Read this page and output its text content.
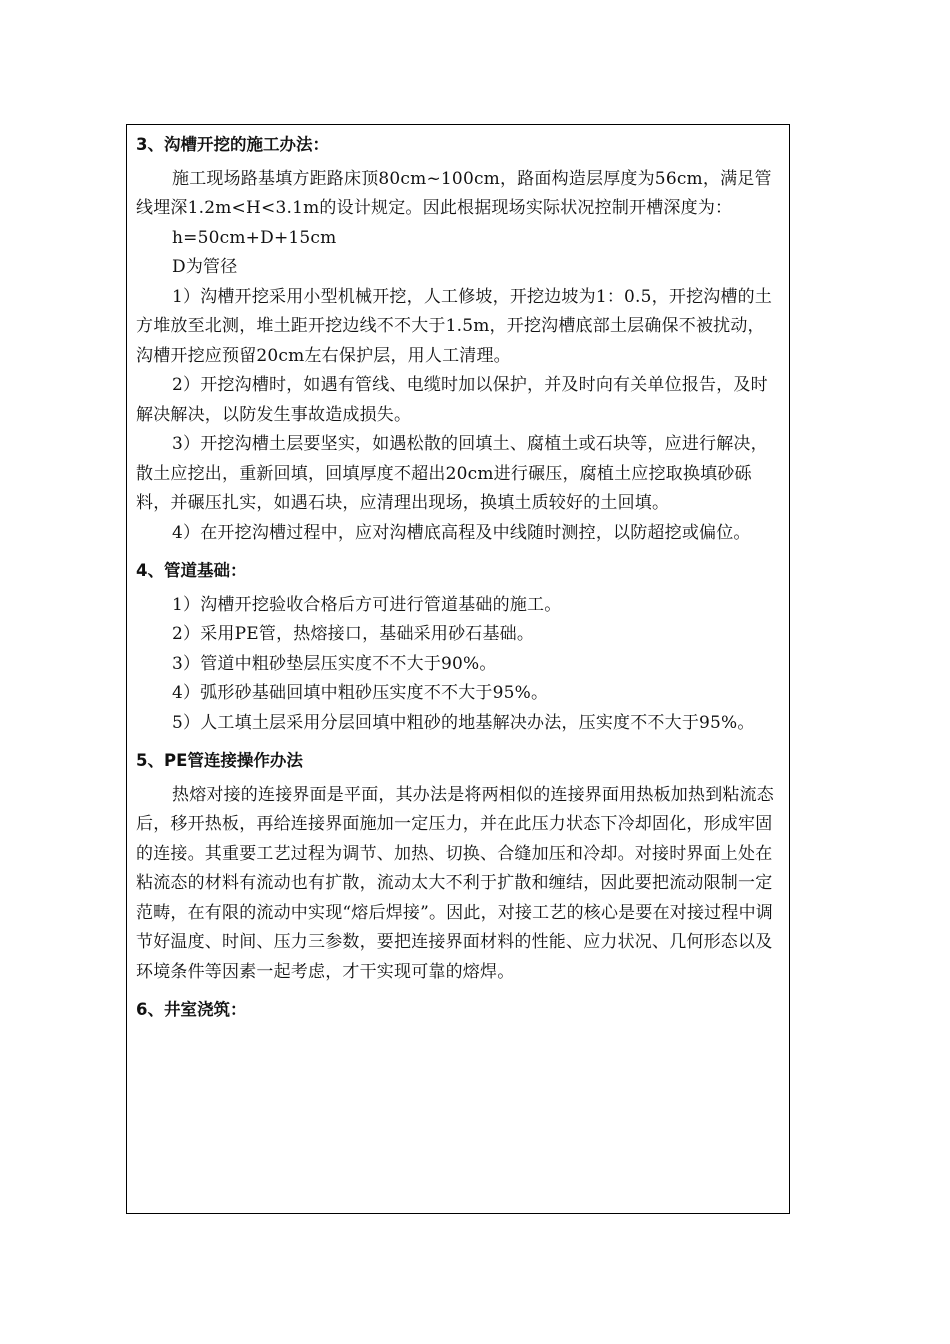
3、沟槽开挖的施工办法：

施工现场路基填方距路床顶80cm~100cm，路面构造层厚度为56cm，满足管线埋深1.2m<H<3.1m的设计规定。因此根据现场实际状况控制开槽深度为：

h=50cm+D+15cm

D为管径

1）沟槽开挖采用小型机械开挖，人工修坡，开挖边坡为1：0.5，开挖沟槽的土方堆放至北测，堆土距开挖边线不不大于1.5m，开挖沟槽底部土层确保不被扰动，沟槽开挖应预留20cm左右保护层，用人工清理。

2）开挖沟槽时，如遇有管线、电缆时加以保护，并及时向有关单位报告，及时解决解决，以防发生事故造成损失。

3）开挖沟槽土层要坚实，如遇松散的回填土、腐植土或石块等，应进行解决，散土应挖出，重新回填，回填厚度不超出20cm进行碾压，腐植土应挖取换填砂砾料，并碾压扎实，如遇石块，应清理出现场，换填土质较好的土回填。

4）在开挖沟槽过程中，应对沟槽底高程及中线随时测控，以防超挖或偏位。

4、管道基础：

1）沟槽开挖验收合格后方可进行管道基础的施工。

2）采用PE管，热熔接口，基础采用砂石基础。

3）管道中粗砂垫层压实度不不大于90%。

4）弧形砂基础回填中粗砂压实度不不大于95%。

5）人工填土层采用分层回填中粗砂的地基解决办法，压实度不不大于95%。

5、PE管连接操作办法

热熔对接的连接界面是平面，其办法是将两相似的连接界面用热板加热到粘流态后，移开热板，再给连接界面施加一定压力，并在此压力状态下冷却固化，形成牢固的连接。其重要工艺过程为调节、加热、切换、合缝加压和冷却。对接时界面上处在粘流态的材料有流动也有扩散，流动太大不利于扩散和缠结，因此要把流动限制一定范畴，在有限的流动中实现“熔后焊接”。因此，对接工艺的核心是要在对接过程中调节好温度、时间、压力三参数，要把连接界面材料的性能、应力状况、几何形态以及环境条件等因素一起考虑，才干实现可靠的熔焊。

6、井室浇筑：
